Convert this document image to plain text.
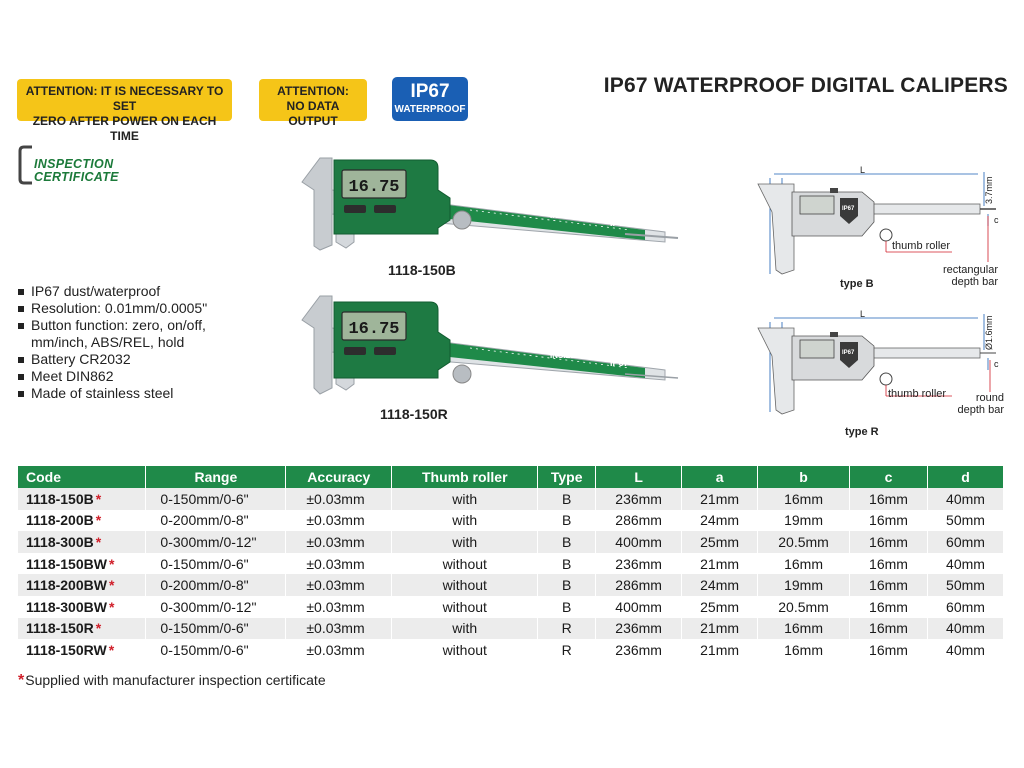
ATTENTION: IT IS NECESSARY TO SET
ZERO AFTER POWER ON EACH TIME
ATTENTION:
NO DATA OUTPUT
IP67
WATERPROOF
IP67 WATERPROOF DIGITAL CALIPERS
INSPECTION
CERTIFICATE
16.75
INSIZE
IP67
1118-150B
16.75
INSIZE
IP67
1118-150R
IP67 dust/waterproof
Resolution: 0.01mm/0.0005"
Button function: zero, on/off,
mm/inch, ABS/REL, hold
Battery CR2032
Meet DIN862
Made of stainless steel
L
IP67
3.7mm
c
thumb roller
rectangular
depth bar
type B
L
IP67
Ø1.6mm
c
thumb roller	round
depth bar
type R
Code	Range	Accuracy	Thumb roller	Type	L	a	b	c	d
1118-150B *	0-150mm/0-6"	±0.03mm	with	B	236mm	21mm	16mm	16mm	40mm
1118-200B *	0-200mm/0-8"	±0.03mm	with	B	286mm	24mm	19mm	16mm	50mm
1118-300B *	0-300mm/0-12"	±0.03mm	with	B	400mm	25mm	20.5mm	16mm	60mm
1118-150BW *	0-150mm/0-6"	±0.03mm	without	B	236mm	21mm	16mm	16mm	40mm
1118-200BW *	0-200mm/0-8"	±0.03mm	without	B	286mm	24mm	19mm	16mm	50mm
1118-300BW *	0-300mm/0-12"	±0.03mm	without	B	400mm	25mm	20.5mm	16mm	60mm
1118-150R *	0-150mm/0-6"	±0.03mm	with	R	236mm	21mm	16mm	16mm	40mm
1118-150RW *	0-150mm/0-6"	±0.03mm	without	R	236mm	21mm	16mm	16mm	40mm
*Supplied with manufacturer inspection certificate
